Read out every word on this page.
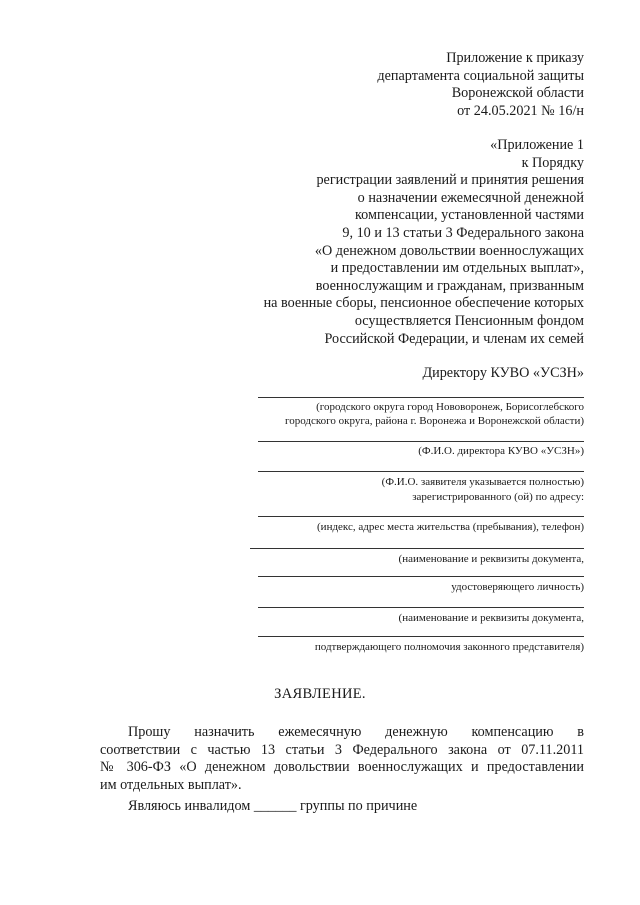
Приложение к приказу
департамента социальной защиты
Воронежской области
от 24.05.2021 № 16/н
«Приложение 1
к Порядку
регистрации заявлений и принятия решения
о назначении ежемесячной денежной
компенсации, установленной частями
9, 10 и 13 статьи 3 Федерального закона
«О денежном довольствии военнослужащих
и предоставлении им отдельных выплат»,
военнослужащим и гражданам, призванным
на военные сборы, пенсионное обеспечение которых
осуществляется Пенсионным фондом
Российской Федерации, и членам их семей
Директору КУВО «УСЗН»
(городского округа город Нововоронеж, Борисоглебского
городского округа, района г. Воронежа и Воронежской области)
(Ф.И.О. директора КУВО «УСЗН»)
(Ф.И.О. заявителя указывается полностью)
зарегистрированного (ой) по адресу:
(индекс, адрес места жительства (пребывания), телефон)
(наименование и реквизиты документа,
удостоверяющего личность)
(наименование и реквизиты документа,
подтверждающего полномочия законного представителя)
ЗАЯВЛЕНИЕ.
Прошу назначить ежемесячную денежную компенсацию в
соответствии с частью 13 статьи 3 Федерального закона от 07.11.2011
№ 306-ФЗ «О денежном довольствии военнослужащих и предоставлении
им отдельных выплат».
Являюсь инвалидом ______ группы по причине
